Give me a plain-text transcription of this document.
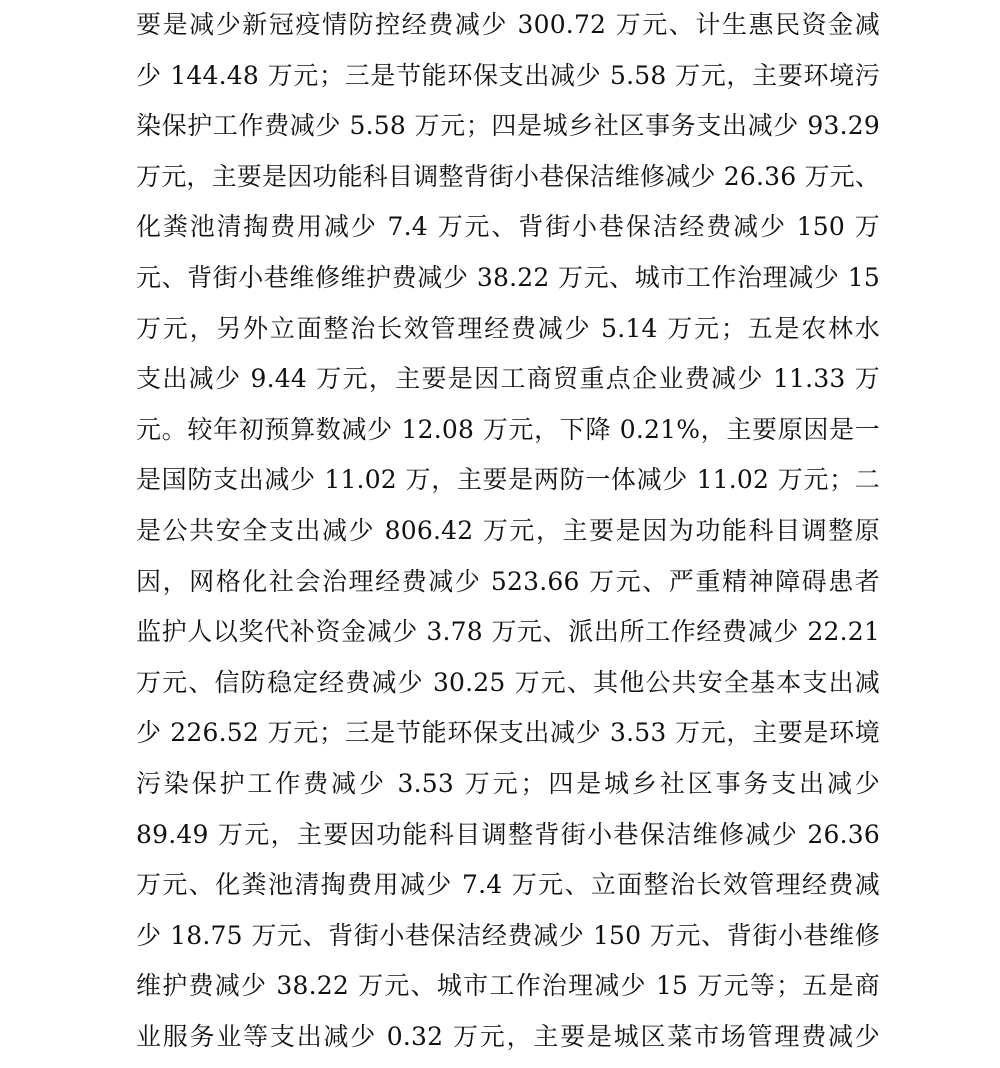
要是减少新冠疫情防控经费减少 300.72 万元、计生惠民资金减
少 144.48 万元；三是节能环保支出减少 5.58 万元，主要环境污
染保护工作费减少 5.58 万元；四是城乡社区事务支出减少 93.29
万元，主要是因功能科目调整背街小巷保洁维修减少 26.36 万元、
化粪池清掏费用减少 7.4 万元、背街小巷保洁经费减少 150 万
元、背街小巷维修维护费减少 38.22 万元、城市工作治理减少 15
万元，另外立面整治长效管理经费减少 5.14 万元；五是农林水
支出减少 9.44 万元，主要是因工商贸重点企业费减少 11.33 万
元。较年初预算数减少 12.08 万元，下降 0.21%，主要原因是一
是国防支出减少 11.02 万，主要是两防一体减少 11.02 万元；二
是公共安全支出减少 806.42 万元，主要是因为功能科目调整原
因，网格化社会治理经费减少 523.66 万元、严重精神障碍患者
监护人以奖代补资金减少 3.78 万元、派出所工作经费减少 22.21
万元、信防稳定经费减少 30.25 万元、其他公共安全基本支出减
少 226.52 万元；三是节能环保支出减少 3.53 万元，主要是环境
污染保护工作费减少 3.53 万元；四是城乡社区事务支出减少
89.49 万元，主要因功能科目调整背街小巷保洁维修减少 26.36
万元、化粪池清掏费用减少 7.4 万元、立面整治长效管理经费减
少 18.75 万元、背街小巷保洁经费减少 150 万元、背街小巷维修
维护费减少 38.22 万元、城市工作治理减少 15 万元等；五是商
业服务业等支出减少 0.32 万元，主要是城区菜市场管理费减少
